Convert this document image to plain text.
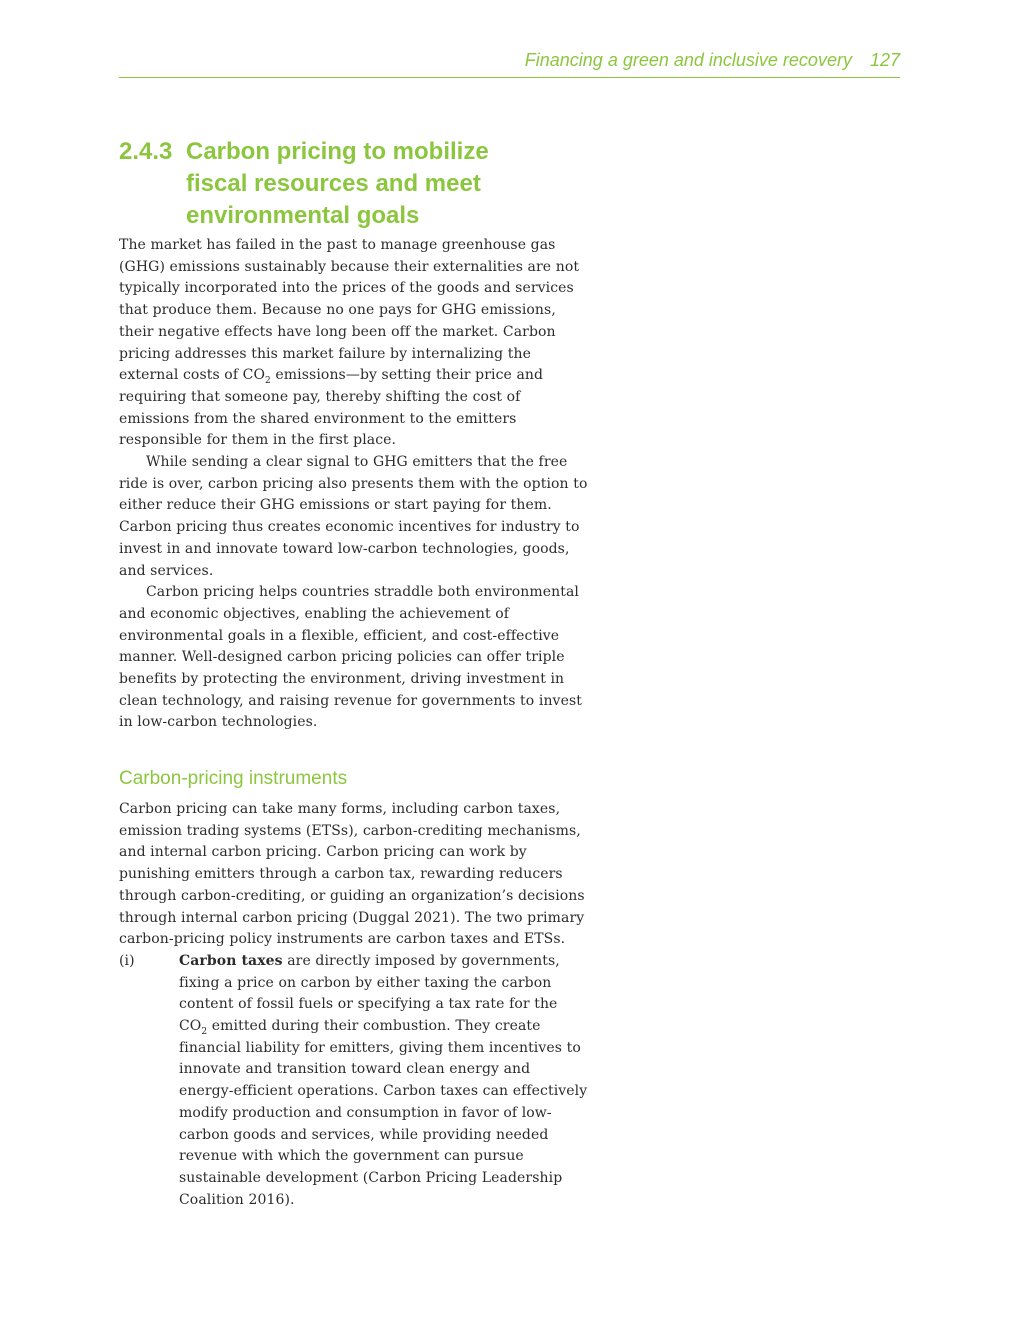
Financing a green and inclusive recovery 127
2.4.3 Carbon pricing to mobilize fiscal resources and meet environmental goals

The market has failed in the past to manage greenhouse gas (GHG) emissions sustainably because their externalities are not typically incorporated into the prices of the goods and services that produce them. Because no one pays for GHG emissions, their negative effects have long been off the market. Carbon pricing addresses this market failure by internalizing the external costs of $CO_2$ emissions—by setting their price and requiring that someone pay, thereby shifting the cost of emissions from the shared environment to the emitters responsible for them in the first place.

While sending a clear signal to GHG emitters that the free ride is over, carbon pricing also presents them with the option to either reduce their GHG emissions or start paying for them. Carbon pricing thus creates economic incentives for industry to invest in and innovate toward low-carbon technologies, goods, and services.

Carbon pricing helps countries straddle both environmental and economic objectives, enabling the achievement of environmental goals in a flexible, efficient, and cost-effective manner. Well-designed carbon pricing policies can offer triple benefits by protecting the environment, driving investment in clean technology, and raising revenue for governments to invest in low-carbon technologies.

Carbon-pricing instruments

Carbon pricing can take many forms, including carbon taxes, emission trading systems (ETSs), carbon-crediting mechanisms, and internal carbon pricing. Carbon pricing can work by punishing emitters through a carbon tax, rewarding reducers through carbon-crediting, or guiding an organization’s decisions through internal carbon pricing (Duggal 2021). The two primary carbon-pricing policy instruments are carbon taxes and ETSs.

(i)	Carbon taxes are directly imposed by governments, fixing a price on carbon by either taxing the carbon content of fossil fuels or specifying a tax rate for the $CO_2$ emitted during their combustion. They create financial liability for emitters, giving them incentives to innovate and transition toward clean energy and energy-efficient operations. Carbon taxes can effectively modify production and consumption in favor of low-carbon goods and services, while providing needed revenue with which the government can pursue sustainable development (Carbon Pricing Leadership Coalition 2016).
